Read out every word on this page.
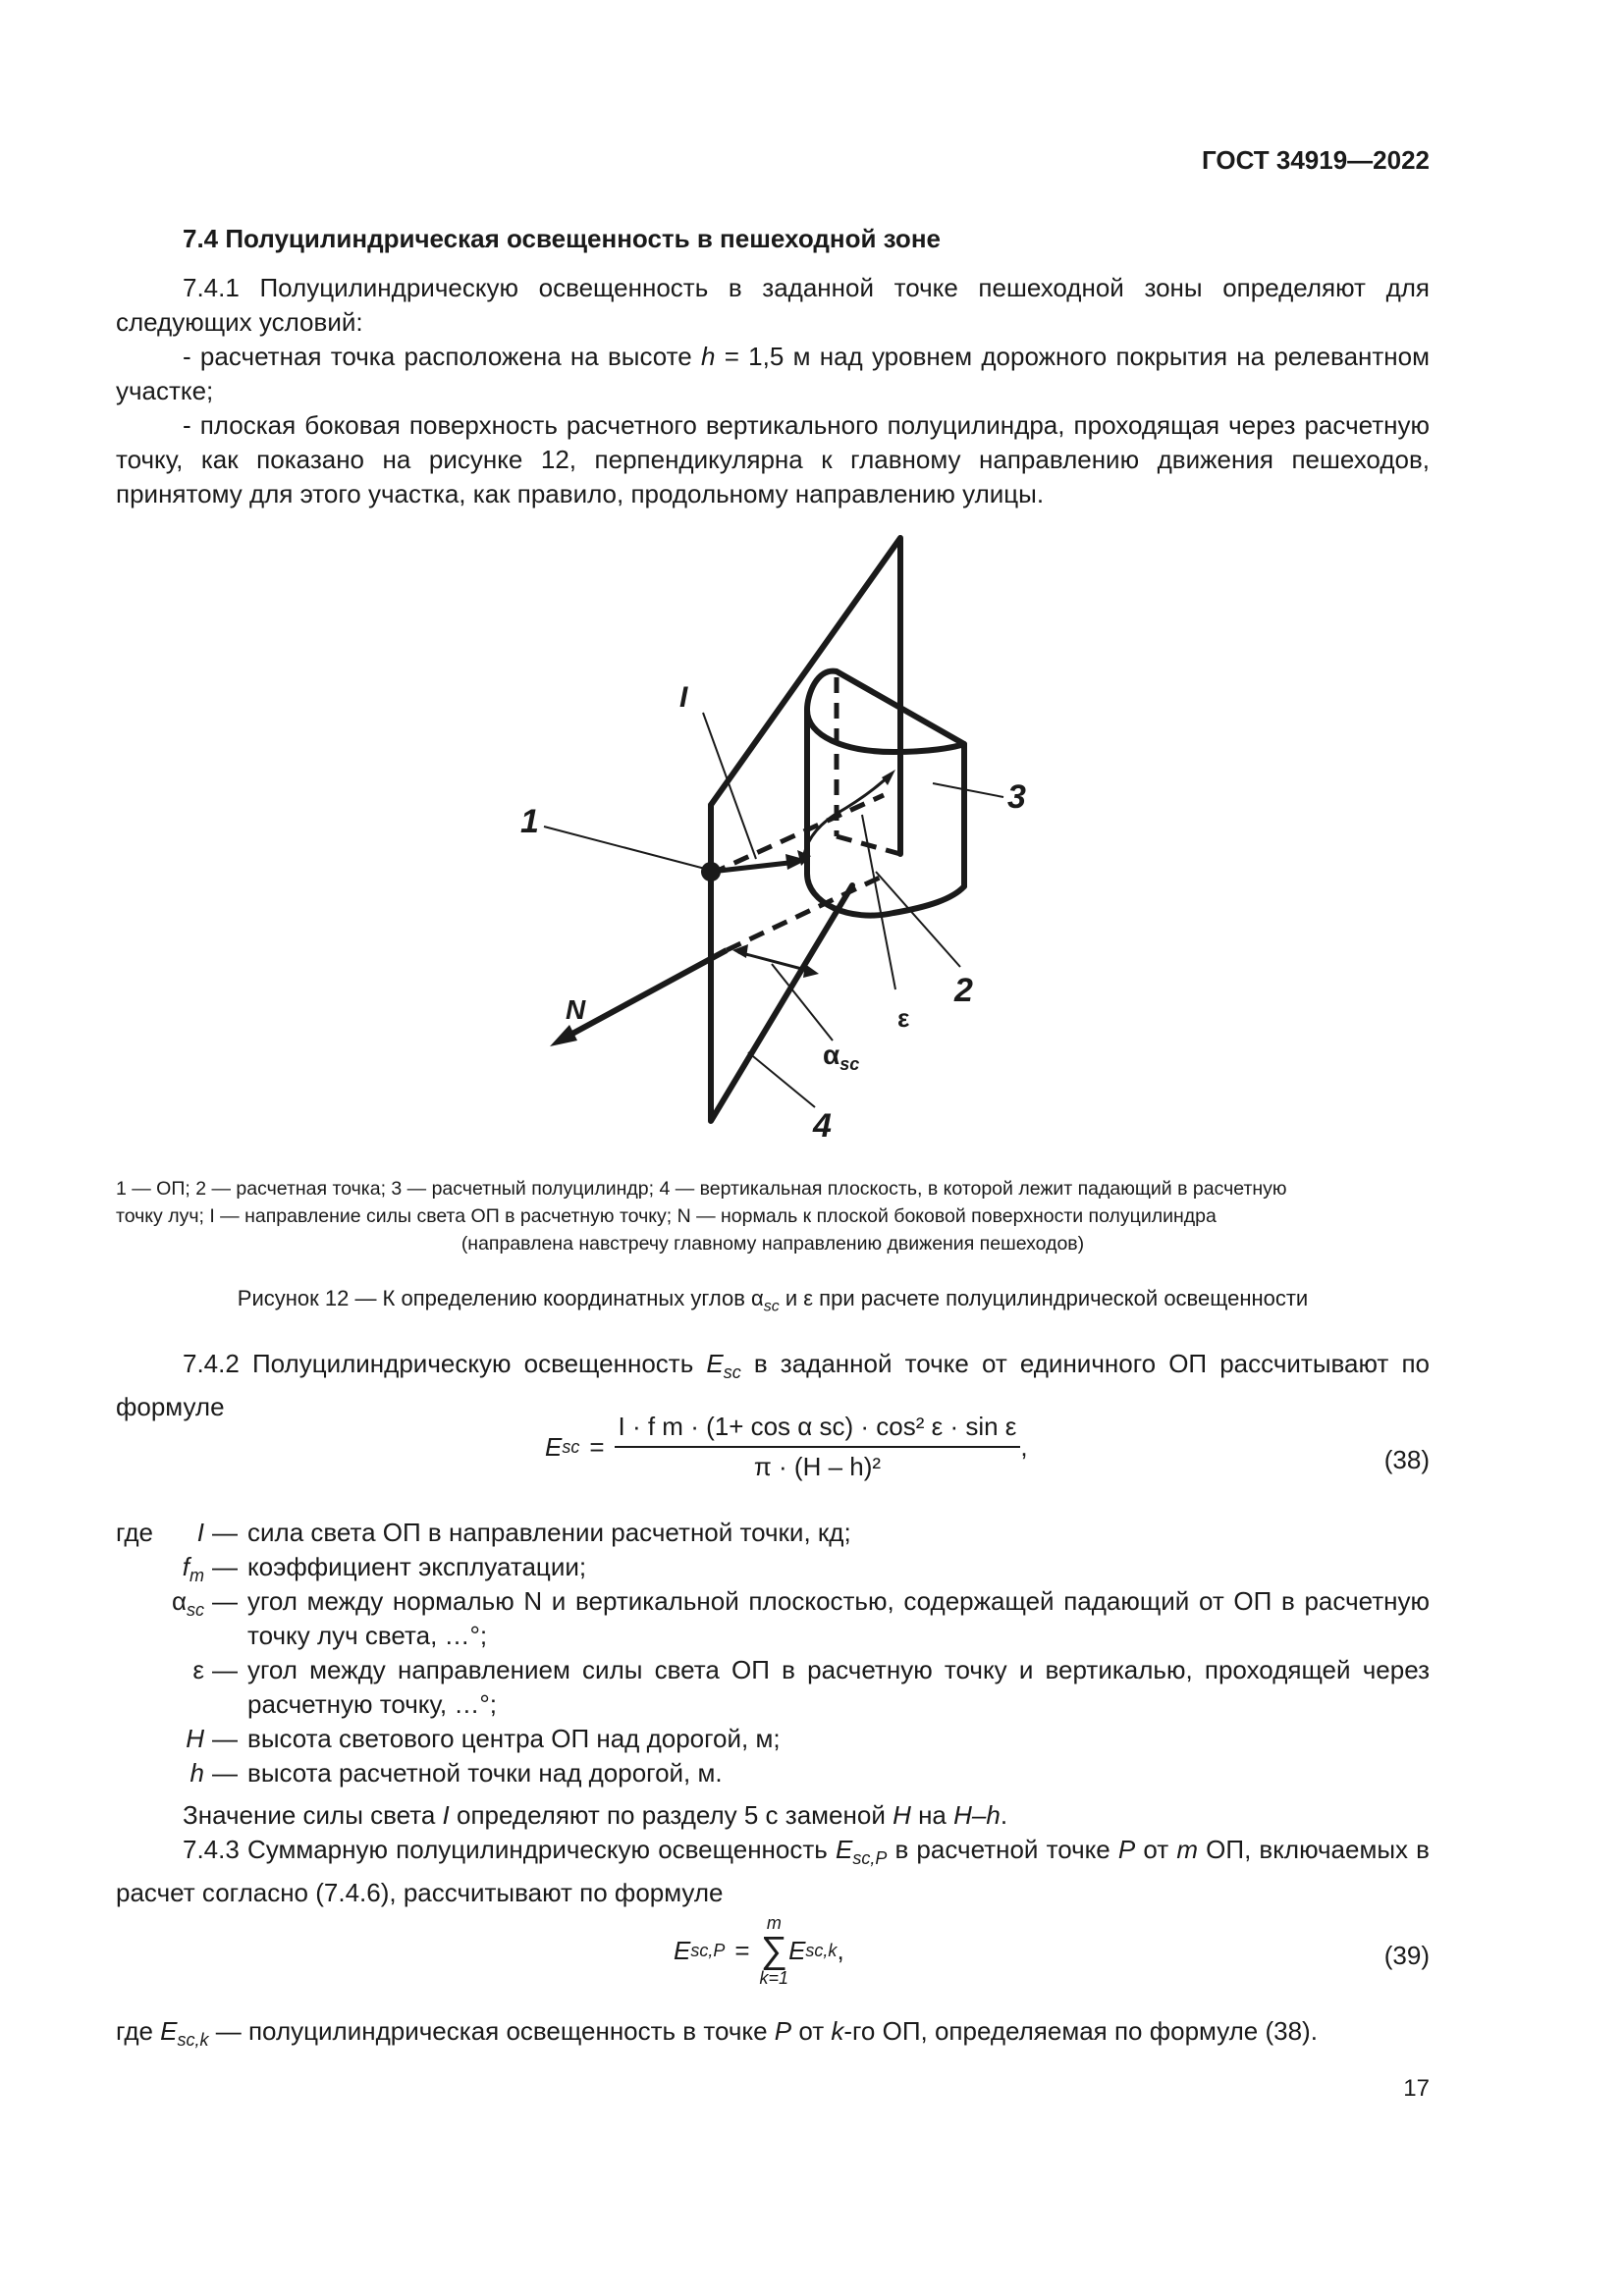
ГОСТ 34919—2022
7.4 Полуцилиндрическая освещенность в пешеходной зоне
7.4.1 Полуцилиндрическую освещенность в заданной точке пешеходной зоны определяют для следующих условий:
- расчетная точка расположена на высоте h = 1,5 м над уровнем дорожного покрытия на релевантном участке;
- плоская боковая поверхность расчетного вертикального полуцилиндра, проходящая через расчетную точку, как показано на рисунке 12, перпендикулярна к главному направлению движения пешеходов, принятому для этого участка, как правило, продольному направлению улицы.
1
I
3
2
ε
$\alpha_{sc}$
N
4
1 — ОП; 2 — расчетная точка; 3 — расчетный полуцилиндр; 4 — вертикальная плоскость, в которой лежит падающий в расчетную
точку луч; I — направление силы света ОП в расчетную точку; N — нормаль к плоской боковой поверхности полуцилиндра
(направлена навстречу главному направлению движения пешеходов)
Рисунок 12 — К определению координатных углов $\alpha_{sc}$ и ε при расчете полуцилиндрической освещенности
7.4.2 Полуцилиндрическую освещенность $E_{sc}$ в заданной точке от единичного ОП рассчитывают по формуле
E sc = $\frac{\text{I · f m · (1+ cos α sc) · cos² ε · sin ε}}{\text{π · (H – h)²}}$ ,	(38)
где	I — сила света ОП в направлении расчетной точки, кд;
$f_m$ — коэффициент эксплуатации;
$\alpha_{sc}$ — угол между нормалью N и вертикальной плоскостью, содержащей падающий от ОП в расчетную точку луч света, …°;
ε — угол между направлением силы света ОП в расчетную точку и вертикалью, проходящей через расчетную точку, …°;
H — высота светового центра ОП над дорогой, м;
h — высота расчетной точки над дорогой, м.
Значение силы света I определяют по разделу 5 с заменой H на H–h.
7.4.3 Суммарную полуцилиндрическую освещенность $E_{sc,P}$ в расчетной точке P от m ОП, включаемых в расчет согласно (7.4.6), рассчитывают по формуле
E sc,P =
m
∑
k=1
E sc,k ,	(39)
где $E_{sc,k}$ — полуцилиндрическая освещенность в точке P от k-го ОП, определяемая по формуле (38).
17
